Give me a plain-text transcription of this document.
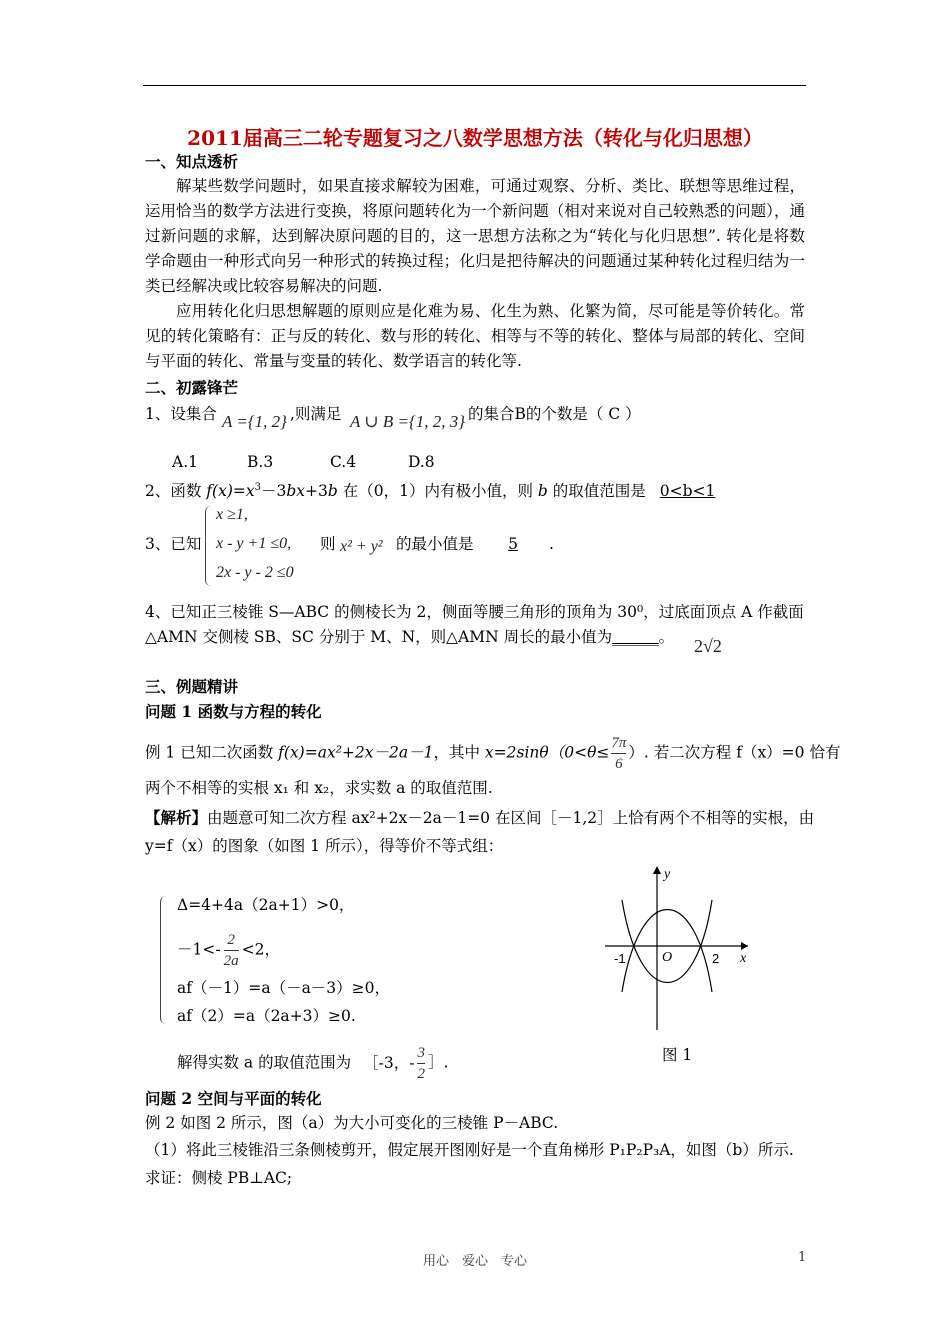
2011届高三二轮专题复习之八数学思想方法（转化与化归思想）
一、知点透析
解某些数学问题时，如果直接求解较为困难，可通过观察、分析、类比、联想等思维过程，运用恰当的数学方法进行变换，将原问题转化为一个新问题（相对来说对自己较熟悉的问题），通过新问题的求解，达到解决原问题的目的，这一思想方法称之为“转化与化归思想”. 转化是将数学命题由一种形式向另一种形式的转换过程；化归是把待解决的问题通过某种转化过程归结为一类已经解决或比较容易解决的问题.
应用转化化归思想解题的原则应是化难为易、化生为熟、化繁为简，尽可能是等价转化。常见的转化策略有：正与反的转化、数与形的转化、相等与不等的转化、整体与局部的转化、空间与平面的转化、常量与变量的转化、数学语言的转化等.
二、初露锋芒
1、设集合 A ={1, 2} ,则满足 A ∪ B ={1, 2, 3} 的集合B的个数是（ C ）
A.1	B.3	C.4	D.8
2、函数 $f(x)=x^3-3bx+3b$ 在（0，1）内有极小值，则 b 的取值范围是 0<b<1
3、已知
x ≥1,
x - y +1 ≤0,
2x - y - 2 ≤0
则 x² + y² 的最小值是	5	.
4、已知正三棱锥 S—ABC 的侧棱长为 2，侧面等腰三角形的顶角为 30⁰，过底面顶点 A 作截面
△AMN 交侧棱 SB、SC 分别于 M、N，则△AMN 周长的最小值为______。 2√2
三、例题精讲
问题 1 函数与方程的转化
例 1 已知二次函数 f(x)=ax²+2x－2a－1，其中 $x=2\sin\theta(0<\theta\le \frac{7\pi}{6}$ ）. 若二次方程 f（x）=0 恰有
两个不相等的实根 x₁ 和 x₂，求实数 a 的取值范围.
【解析】由题意可知二次方程 ax²+2x－2a－1=0 在区间［－1,2］上恰有两个不相等的实根，由
y=f（x）的图象（如图 1 所示），得等价不等式组：
Δ=4+4a（2a+1）>0，
$-1<- \frac{2}{2a} <2$，
af（－1）=a（－a－3）≥0，
af（2）=a（2a+3）≥0.
解得实数 a 的取值范围为 ［-3，- $\frac{3}{2}$ ］.
y
x
O
-1	2
图 1
问题 2 空间与平面的转化
例 2 如图 2 所示，图（a）为大小可变化的三棱锥 P－ABC.
（1）将此三棱锥沿三条侧棱剪开，假定展开图刚好是一个直角梯形 P₁P₂P₃A，如图（b）所示.
求证：侧棱 PB⊥AC;
用心　爱心　专心	1
